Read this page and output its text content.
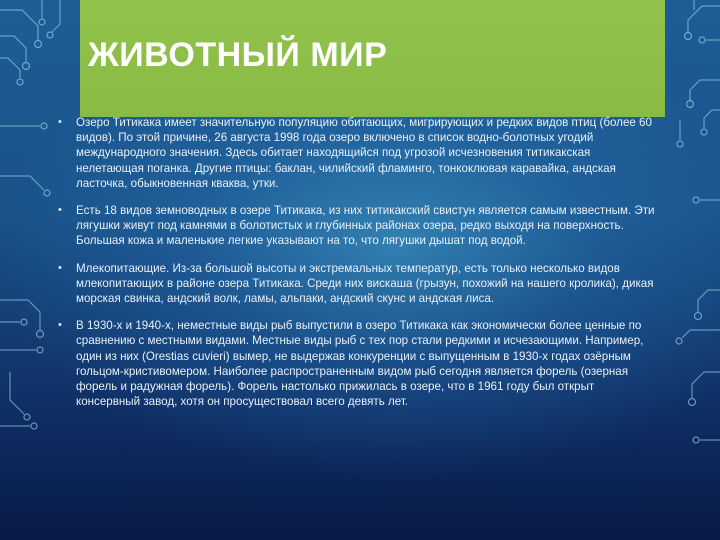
ЖИВОТНЫЙ МИР
• Озеро Титикака имеет значительную популяцию обитающих, мигрирующих и редких видов птиц (более 60 видов). По этой причине, 26 августа 1998 года озеро включено в список водно-болотных угодий международного значения. Здесь обитает находящийся под угрозой исчезновения титикакская нелетающая поганка. Другие птицы: баклан, чилийский фламинго, тонкоклювая каравайка, андская ласточка, обыкновенная кваква, утки.
• Есть 18 видов земноводных в озере Титикака, из них титикакский свистун является самым известным. Эти лягушки живут под камнями в болотистых и глубинных районах озера, редко выходя на поверхность. Большая кожа и маленькие легкие указывают на то, что лягушки дышат под водой.
• Млекопитающие. Из-за большой высоты и экстремальных температур, есть только несколько видов млекопитающих в районе озера Титикака. Среди них вискаша (грызун, похожий на нашего кролика), дикая морская свинка, андский волк, ламы, альпаки, андский скунс и андская лиса.
• В 1930-х и 1940-х, неместные виды рыб выпустили в озеро Титикака как экономически более ценные по сравнению с местными видами. Местные виды рыб с тех пор стали редкими и исчезающими. Например, один из них (Orestias cuvieri) вымер, не выдержав конкуренции с выпущенным в 1930-х годах озёрным гольцом-кристивомером. Наиболее распространенным видом рыб сегодня является форель (озерная форель и радужная форель). Форель настолько прижилась в озере, что в 1961 году был открыт консервный завод, хотя он просуществовал всего девять лет.
